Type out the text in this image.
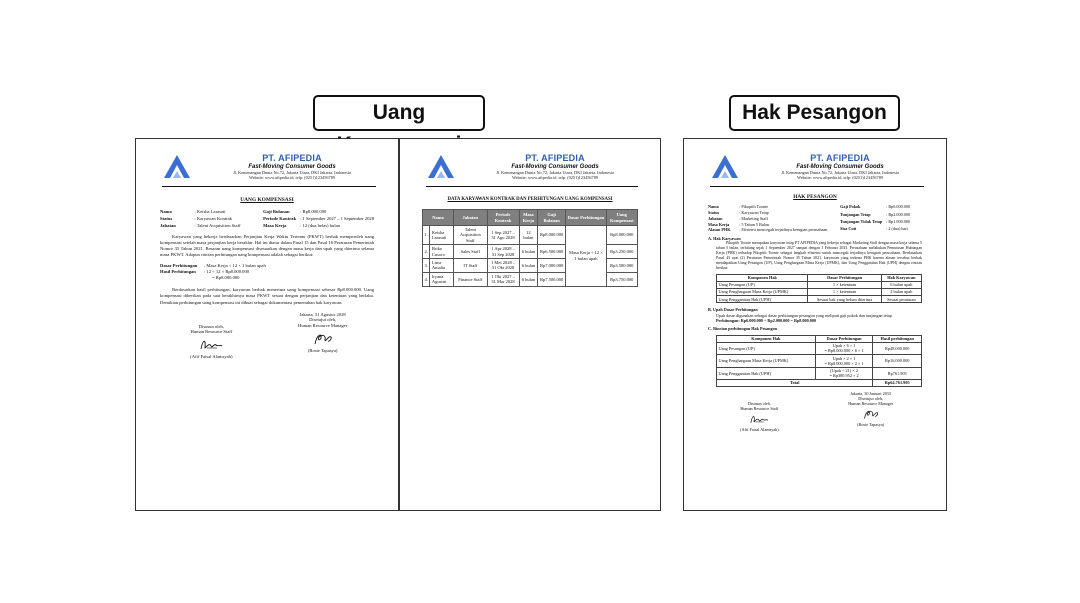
Uang	Hak Pesangon
PT. AFIPEDIA
Fast-Moving Consumer Goods
Jl. Kemenangan Dunia No.72, Jakarta Utara, DKI Jakarta, Indonesia
Website: www.afipedia.id, telp: (0251)123456789
UANG KOMPENSASI
Nama	: Keisha Larasati
Status	: Karyawan Kontrak
Jabatan	: Talent Acquisition Staff
Gaji Bulanan	: Rp8.000.000
Periode Kontrak : 1 September 2027 – 1 September 2028
Masa Kerja	: 12 (dua belas) bulan

Karyawan yang bekerja berdasarkan Perjanjian Kerja Waktu Tertentu (PKWT) berhak memperoleh uang kompensasi setelah masa perjanjian kerja berakhir. Hal ini diatur dalam Pasal 15 dan Pasal 16 Peraturan Pemerintah Nomor 35 Tahun 2021. Besaran uang kompensasi disesuaikan dengan masa kerja dan upah yang diterima selama masa PKWT. Adapun rincian perhitungan uang kompensasi adalah sebagai berikut:

Dasar Perhitungan	: Masa Kerja ÷ 12 × 1 bulan upah
Hasil Perhitungan	: 12 ÷ 12 × Rp8.000.000
= Rp8.000.000

Berdasarkan hasil perhitungan, karyawan berhak menerima uang kompensasi sebesar Rp8.000.000. Uang kompensasi diberikan pada saat berakhirnya masa PKWT sesuai dengan perjanjian dan ketentuan yang berlaku. Demikian perhitungan uang kompensasi ini dibuat sebagai dokumentasi pemenuhan hak karyawan.

Disusun oleh,
Human Resource Staff
(Afif Faisal Alamsyah)
Jakarta, 31 Agustus 2028
Disetujui oleh,
Human Resource Manager
(Rosie Tapasya)
PT. AFIPEDIA
Fast-Moving Consumer Goods
Jl. Kemenangan Dunia No.72, Jakarta Utara, DKI Jakarta, Indonesia
Website: www.afipedia.id, telp: (0251)123456789
DATA KARYAWAN KONTRAK DAN PERHITUNGAN UANG KOMPENSASI
Nama		Jabatan	Periode Kontrak	Masa Kerja	Gaji Bulanan	Dasar Perhitungan	Uang Kompensasi
1.	Keisha Larasati	Talent Acquisition Staff	1 Sep 2027 – 31 Agu 2028	12 bulan	Rp8.000.000	Masa Kerja ÷ 12 × 1 bulan upah	Rp8.000.000
2.	Briko Cusoro	Sales Staff	1 Apr 2028 – 31 Sep 2028	6 bulan	Rp6.500.000		Rp3.250.000
3.	Linsr Amalia	IT Staff	1 Mei 2028 – 31 Okt 2028	6 bulan	Rp7.000.000		Rp3.500.000
4.	Iryana Agustin	Finance Staff	1 Okt 2027 – 31 Mar 2028	6 bulan	Rp7.500.000		Rp3.750.000
PT. AFIPEDIA
Fast-Moving Consumer Goods
Jl. Kemenangan Dunia No.72, Jakarta Utara, DKI Jakarta, Indonesia
Website: www.afipedia.id, telp: (0251)123456789
HAK PESANGON
Nama	: Pikopith Toonie
Status	: Karyawan Tetap
Jabatan	: Marketing Staff
Masa Kerja	: 5 Tahun 5 Bulan
Alasan PHK	: Efisiensi mencegah terjadinya kerugian perusahaan
Gaji Pokok	: Rp6.000.000
Tunjangan Tetap	: Rp2.000.000
Tunjangan Tidak Tetap : Rp1.000.000
Sisa Cuti	: 2 (dua) hari
A. Hak Karyawan

Pikopith Toonie merupakan karyawan tetap PT AFIPEDIA yang bekerja sebagai Marketing Staff dengan masa kerja selama 5 tahun 5 bulan, terhitung sejak 1 September 2027 sampai dengan 1 Februari 2033. Perusahaan melakukan Pemutusan Hubungan Kerja (PHK) terhadap Pikopith Toonie sebagai langkah efisiensi untuk mencegah terjadinya kerugian perusahaan. Berdasarkan Pasal 43 ayat (2) Peraturan Pemerintah Nomor 35 Tahun 2021, karyawan yang terkena PHK karena alasan tersebut berhak mendapatkan Uang Pesangon (UP), Uang Penghargaan Masa Kerja (UPMK), dan Uang Penggantian Hak (UPH) dengan rincian berikut:

Komponen Hak	Dasar Perhitungan	Hak Karyawan
Uang Pesangon (UP)	1 × ketentuan	6 bulan upah
Uang Penghargaan Masa Kerja (UPMK)	1 × ketentuan	2 bulan upah
Uang Penggantian Hak (UPH)	Sesuai hak yang belum diterima	Sesuai peraturan
B. Upah Dasar Perhitungan

Upah dasar digunakan sebagai dasar perhitungan pesangon yang meliputi gaji pokok dan tunjangan tetap.

Perhitungan: Rp6.000.000 + Rp2.000.000 = Rp8.000.000

C. Rincian perhitungan Hak Pesangon
Komponen Hak	Dasar Perhitungan	Hasil perhitungan
Uang Pesangon (UP)	Upah × 6 × 1
= Rp8.000.000 × 6 × 1	Rp48.000.000
Uang Penghargaan Masa Kerja (UPMK)	Upah × 2 × 1
= Rp8.000.000 × 2 × 1	Rp16.000.000
Uang Penggantian Hak (UPH)	(Upah ÷ 21) × 2
= Rp380.952 × 2	Rp761.905
Total		Rp64.761.905
Disusun oleh,
Human Resource Staff
(Afif Faisal Alamsyah)
Jakarta, 30 Januari 2033
Disetujui oleh,
Human Resource Manager
(Rosie Tapasya)
